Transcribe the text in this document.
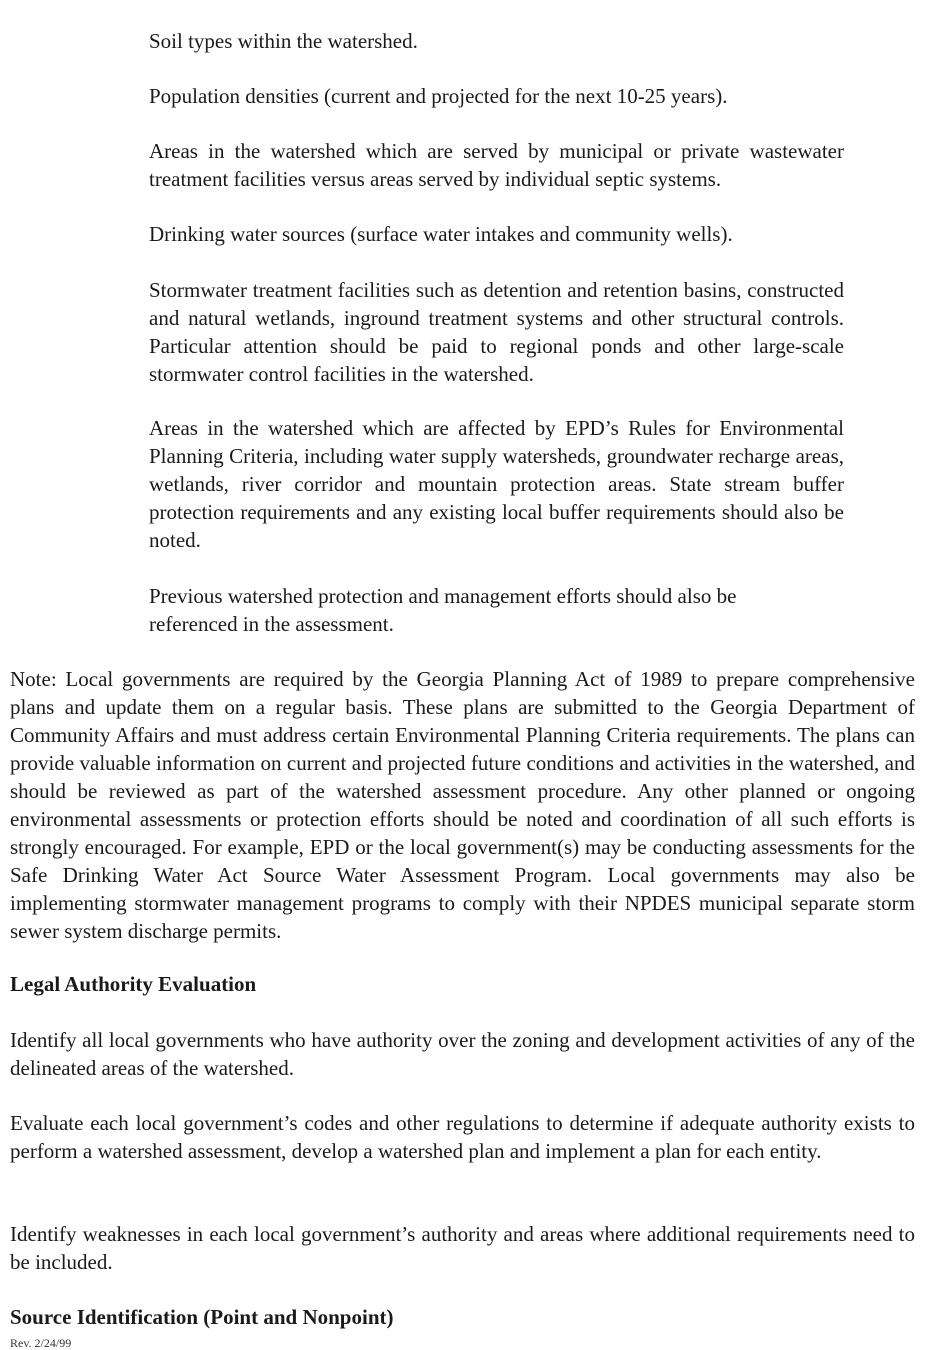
Soil types within the watershed.

Population densities (current and projected for the next 10-25 years).

Areas in the watershed which are served by municipal or private wastewater treatment facilities versus areas served by individual septic systems.

Drinking water sources (surface water intakes and community wells).

Stormwater treatment facilities such as detention and retention basins, constructed and natural wetlands, inground treatment systems and other structural controls. Particular attention should be paid to regional ponds and other large-scale stormwater control facilities in the watershed.

Areas in the watershed which are affected by EPD’s Rules for Environmental Planning Criteria, including water supply watersheds, groundwater recharge areas, wetlands, river corridor and mountain protection areas. State stream buffer protection requirements and any existing local buffer requirements should also be noted.

Previous watershed protection and management efforts should also be referenced in the assessment.

Note: Local governments are required by the Georgia Planning Act of 1989 to prepare comprehensive plans and update them on a regular basis. These plans are submitted to the Georgia Department of Community Affairs and must address certain Environmental Planning Criteria requirements. The plans can provide valuable information on current and projected future conditions and activities in the watershed, and should be reviewed as part of the watershed assessment procedure. Any other planned or ongoing environmental assessments or protection efforts should be noted and coordination of all such efforts is strongly encouraged. For example, EPD or the local government(s) may be conducting assessments for the Safe Drinking Water Act Source Water Assessment Program. Local governments may also be implementing stormwater management programs to comply with their NPDES municipal separate storm sewer system discharge permits.

Legal Authority Evaluation

Identify all local governments who have authority over the zoning and development activities of any of the delineated areas of the watershed.

Evaluate each local government’s codes and other regulations to determine if adequate authority exists to perform a watershed assessment, develop a watershed plan and implement a plan for each entity.

Identify weaknesses in each local government’s authority and areas where additional requirements need to be included.

Source Identification (Point and Nonpoint)

Rev. 2/24/99
